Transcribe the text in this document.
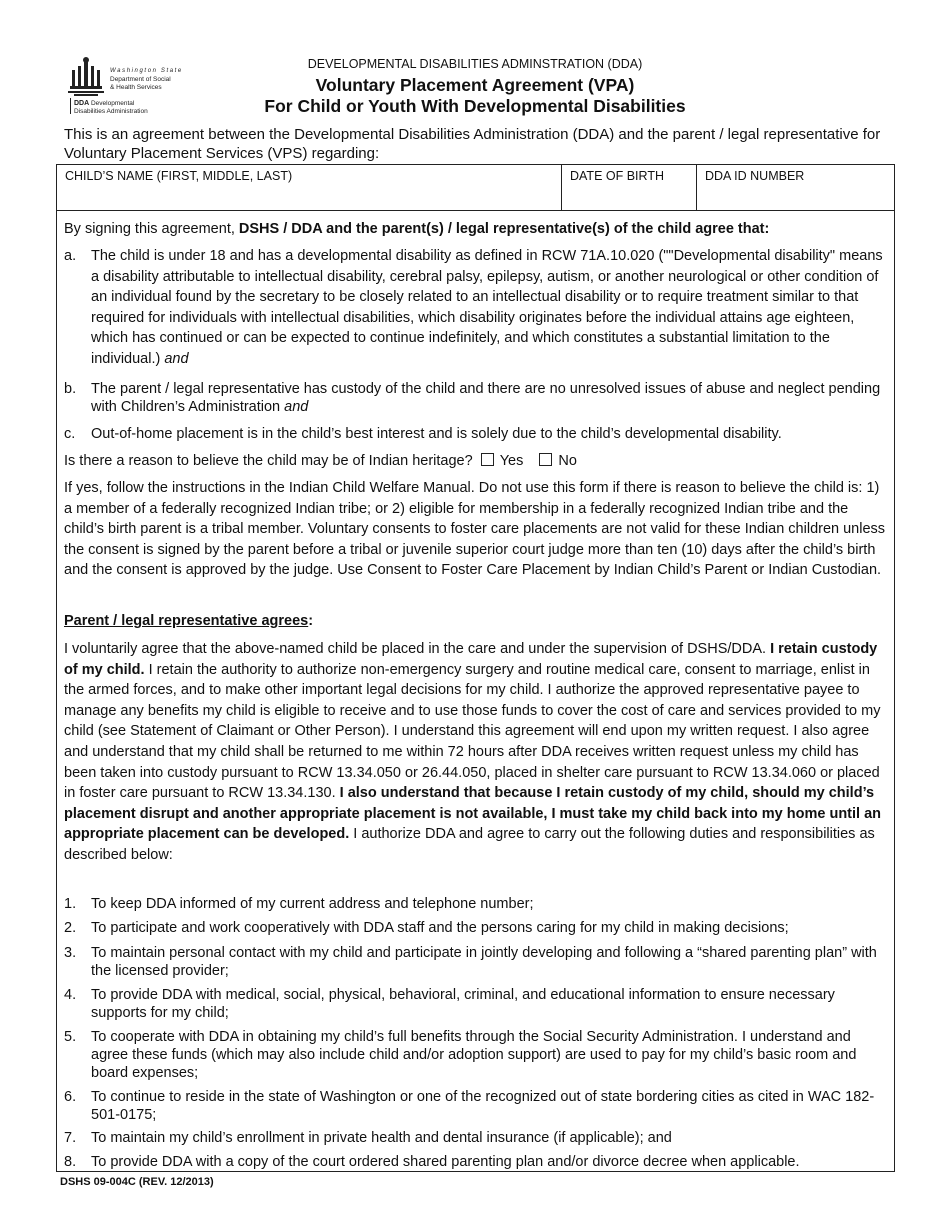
Washington State
Department of Social
& Health Services
DDA Developmental
Disabilities Administration
DEVELOPMENTAL DISABILITIES ADMINSTRATION (DDA)
Voluntary Placement Agreement (VPA)
For Child or Youth With Developmental Disabilities
This is an agreement between the Developmental Disabilities Administration (DDA) and the parent / legal representative for Voluntary Placement Services (VPS) regarding:
CHILD’S NAME (FIRST, MIDDLE, LAST)	DATE OF BIRTH	DDA ID NUMBER
By signing this agreement, DSHS / DDA and the parent(s) / legal representative(s) of the child agree that:
a.	The child is under 18 and has a developmental disability as defined in RCW 71A.10.020 (""Developmental disability" means a disability attributable to intellectual disability, cerebral palsy, epilepsy, autism, or another neurological or other condition of an individual found by the secretary to be closely related to an intellectual disability or to require treatment similar to that required for individuals with intellectual disabilities, which disability originates before the individual attains age eighteen, which has continued or can be expected to continue indefinitely, and which constitutes a substantial limitation to the individual.) and
b.	The parent / legal representative has custody of the child and there are no unresolved issues of abuse and neglect pending with Children’s Administration and
c.	Out-of-home placement is in the child’s best interest and is solely due to the child’s developmental disability.
Is there a reason to believe the child may be of Indian heritage? Yes No
If yes, follow the instructions in the Indian Child Welfare Manual. Do not use this form if there is reason to believe the child is: 1) a member of a federally recognized Indian tribe; or 2) eligible for membership in a federally recognized Indian tribe and the child’s birth parent is a tribal member. Voluntary consents to foster care placements are not valid for these Indian children unless the consent is signed by the parent before a tribal or juvenile superior court judge more than ten (10) days after the child’s birth and the consent is approved by the judge. Use Consent to Foster Care Placement by Indian Child’s Parent or Indian Custodian.
Parent / legal representative agrees:
I voluntarily agree that the above-named child be placed in the care and under the supervision of DSHS/DDA. I retain custody of my child. I retain the authority to authorize non-emergency surgery and routine medical care, consent to marriage, enlist in the armed forces, and to make other important legal decisions for my child. I authorize the approved representative payee to manage any benefits my child is eligible to receive and to use those funds to cover the cost of care and services provided to my child (see Statement of Claimant or Other Person). I understand this agreement will end upon my written request. I also agree and understand that my child shall be returned to me within 72 hours after DDA receives written request unless my child has been taken into custody pursuant to RCW 13.34.050 or 26.44.050, placed in shelter care pursuant to RCW 13.34.060 or placed in foster care pursuant to RCW 13.34.130. I also understand that because I retain custody of my child, should my child’s placement disrupt and another appropriate placement is not available, I must take my child back into my home until an appropriate placement can be developed. I authorize DDA and agree to carry out the following duties and responsibilities as described below:
1.	To keep DDA informed of my current address and telephone number;
2.	To participate and work cooperatively with DDA staff and the persons caring for my child in making decisions;
3.	To maintain personal contact with my child and participate in jointly developing and following a “shared parenting plan” with the licensed provider;
4.	To provide DDA with medical, social, physical, behavioral, criminal, and educational information to ensure necessary supports for my child;
5.	To cooperate with DDA in obtaining my child’s full benefits through the Social Security Administration. I understand and agree these funds (which may also include child and/or adoption support) are used to pay for my child’s basic room and board expenses;
6.	To continue to reside in the state of Washington or one of the recognized out of state bordering cities as cited in WAC 182-501-0175;
7.	To maintain my child’s enrollment in private health and dental insurance (if applicable); and
8.	To provide DDA with a copy of the court ordered shared parenting plan and/or divorce decree when applicable.
DSHS 09-004C (REV. 12/2013)
